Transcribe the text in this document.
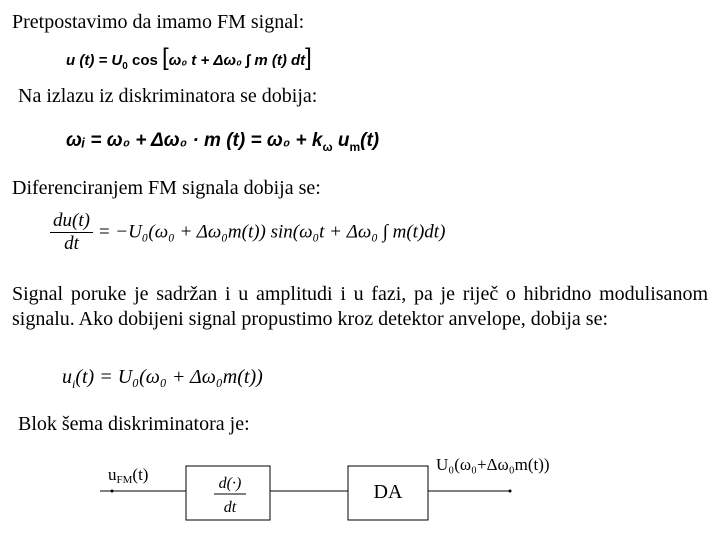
Pretpostavimo da imamo FM signal:
u $(t) = U_0$ cos [ω₀ t + Δω₀ ∫ m (t) dt]
Na izlazu iz diskriminatora se dobija:
ωᵢ = ω₀ + Δω₀ · m $(t) = \omega_0 + k_\omega$ $u_m(t)$
Diferenciranjem FM signala dobija se:
$\frac{du(t)}{dt} = -U_0(\omega_0 + \Delta\omega_0m(t)) \sin(\omega_0t + \Delta\omega_0$ ∫ m(t)dt)
Signal poruke je sadržan i u amplitudi i u fazi, pa je riječ o hibridno modulisanom signalu. Ako dobijeni signal propustimo kroz detektor anvelope, dobija se:
$u_i(t) = U_0(\omega_0 + \Delta\omega_0m(t))$
Blok šema diskriminatora je:
uFM(t)	d(·)
dt
DA
U₀(ω₀+Δω₀m(t))
